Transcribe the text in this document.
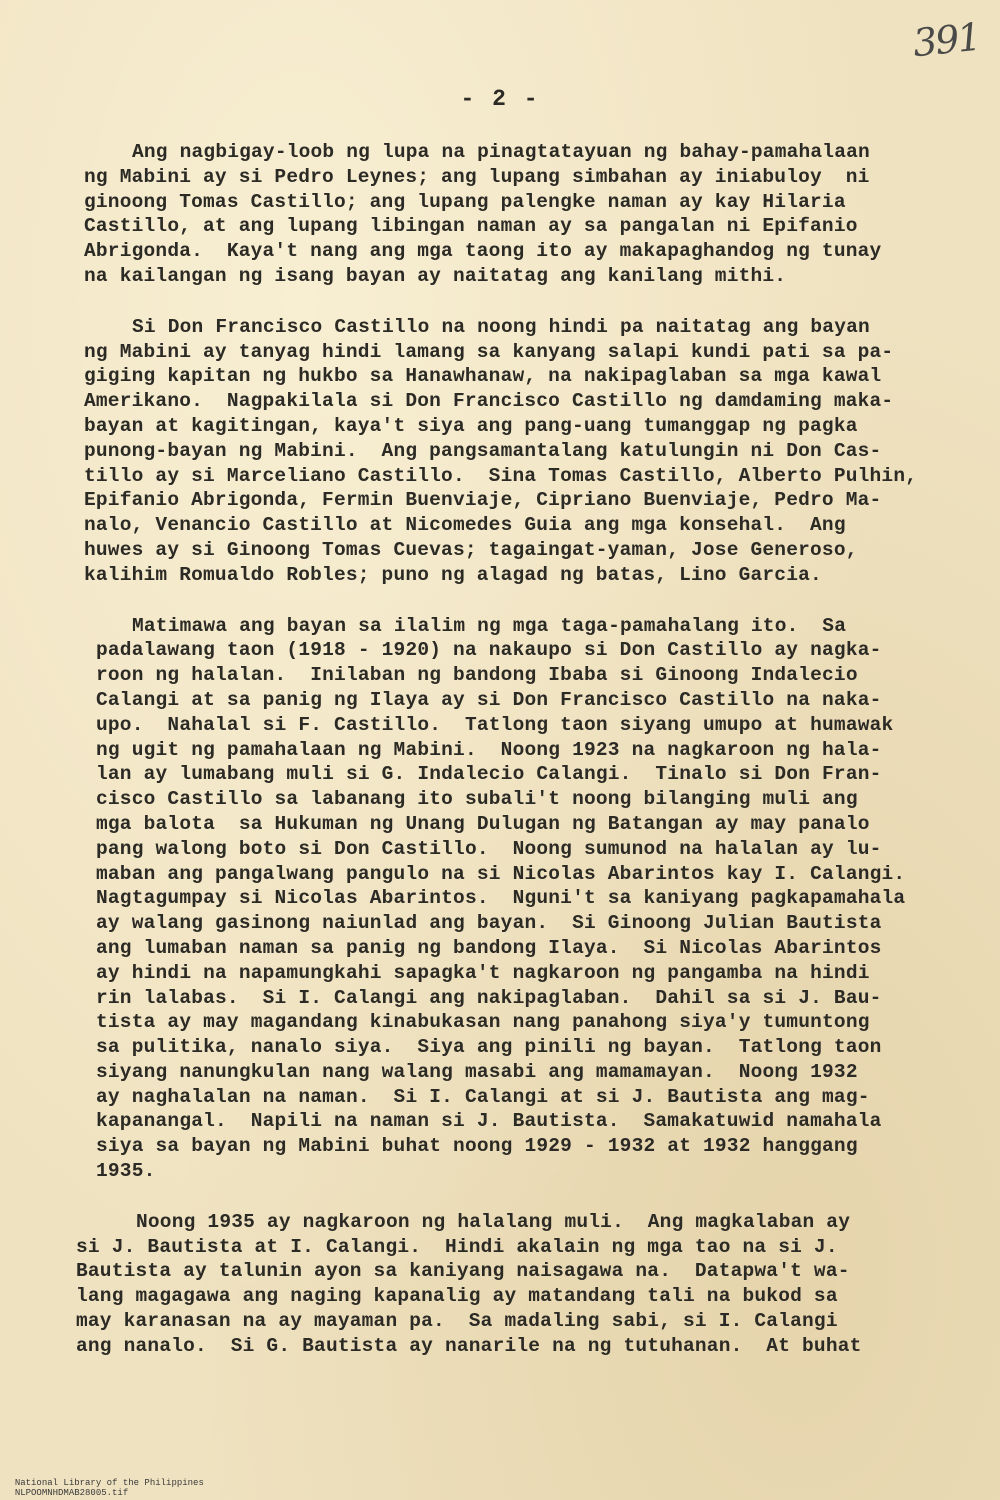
391
- 2 -
Ang nagbigay-loob ng lupa na pinagtatayuan ng bahay-pamahalaan
ng Mabini ay si Pedro Leynes; ang lupang simbahan ay iniabuloy  ni
ginoong Tomas Castillo; ang lupang palengke naman ay kay Hilaria
Castillo, at ang lupang libingan naman ay sa pangalan ni Epifanio
Abrigonda.  Kaya't nang ang mga taong ito ay makapaghandog ng tunay
na kailangan ng isang bayan ay naitatag ang kanilang mithi.
Si Don Francisco Castillo na noong hindi pa naitatag ang bayan
ng Mabini ay tanyag hindi lamang sa kanyang salapi kundi pati sa pa-
giging kapitan ng hukbo sa Hanawhanaw, na nakipaglaban sa mga kawal
Amerikano.  Nagpakilala si Don Francisco Castillo ng damdaming maka-
bayan at kagitingan, kaya't siya ang pang-uang tumanggap ng pagka
punong-bayan ng Mabini.  Ang pangsamantalang katulungin ni Don Cas-
tillo ay si Marceliano Castillo.  Sina Tomas Castillo, Alberto Pulhin,
Epifanio Abrigonda, Fermin Buenviaje, Cipriano Buenviaje, Pedro Ma-
nalo, Venancio Castillo at Nicomedes Guia ang mga konsehal.  Ang
huwes ay si Ginoong Tomas Cuevas; tagaingat-yaman, Jose Generoso,
kalihim Romualdo Robles; puno ng alagad ng batas, Lino Garcia.
Matimawa ang bayan sa ilalim ng mga taga-pamahalang ito.  Sa
padalawang taon (1918 - 1920) na nakaupo si Don Castillo ay nagka-
roon ng halalan.  Inilaban ng bandong Ibaba si Ginoong Indalecio
Calangi at sa panig ng Ilaya ay si Don Francisco Castillo na naka-
upo.  Nahalal si F. Castillo.  Tatlong taon siyang umupo at humawak
ng ugit ng pamahalaan ng Mabini.  Noong 1923 na nagkaroon ng hala-
lan ay lumabang muli si G. Indalecio Calangi.  Tinalo si Don Fran-
cisco Castillo sa labanang ito subali't noong bilanging muli ang
mga balota  sa Hukuman ng Unang Dulugan ng Batangan ay may panalo
pang walong boto si Don Castillo.  Noong sumunod na halalan ay lu-
maban ang pangalwang pangulo na si Nicolas Abarintos kay I. Calangi.
Nagtagumpay si Nicolas Abarintos.  Nguni't sa kaniyang pagkapamahala
ay walang gasinong naiunlad ang bayan.  Si Ginoong Julian Bautista
ang lumaban naman sa panig ng bandong Ilaya.  Si Nicolas Abarintos
ay hindi na napamungkahi sapagka't nagkaroon ng pangamba na hindi
rin lalabas.  Si I. Calangi ang nakipaglaban.  Dahil sa si J. Bau-
tista ay may magandang kinabukasan nang panahong siya'y tumuntong
sa pulitika, nanalo siya.  Siya ang pinili ng bayan.  Tatlong taon
siyang nanungkulan nang walang masabi ang mamamayan.  Noong 1932
ay naghalalan na naman.  Si I. Calangi at si J. Bautista ang mag-
kapanangal.  Napili na naman si J. Bautista.  Samakatuwid namahala
siya sa bayan ng Mabini buhat noong 1929 - 1932 at 1932 hanggang
1935.
Noong 1935 ay nagkaroon ng halalang muli.  Ang magkalaban ay
si J. Bautista at I. Calangi.  Hindi akalain ng mga tao na si J.
Bautista ay talunin ayon sa kaniyang naisagawa na.  Datapwa't wa-
lang magagawa ang naging kapanalig ay matandang tali na bukod sa
may karanasan na ay mayaman pa.  Sa madaling sabi, si I. Calangi
ang nanalo.  Si G. Bautista ay nanarile na ng tutuhanan.  At buhat

National Library of the Philippines
NLPOOMNHDMAB28005.tif
